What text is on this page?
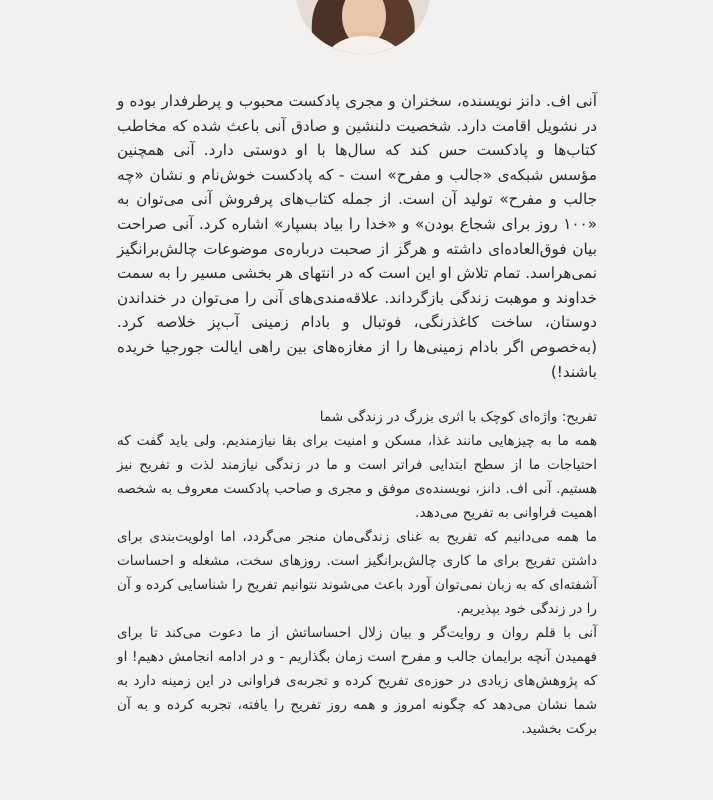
آنی اف. دانز نویسنده، سخنران و مجری پادکست محبوب و پرطرفدار بوده و در نشویل اقامت دارد. شخصیت دلنشین و صادق آنی باعث شده که مخاطب کتاب‌ها و پادکست حس کند که سال‌ها با او دوستی دارد. آنی همچنین مؤسس شبکه‌ی «جالب و مفرح» است - که پادکست خوش‌نام و نشان «چه جالب و مفرح» تولید آن است. از جمله کتاب‌های پرفروش آنی می‌توان به «۱۰۰ روز برای شجاع بودن» و «خدا را بیاد بسپار» اشاره کرد. آنی صراحت بیان فوق‌العاده‌ای داشته و هرگز از صحبت درباره‌ی موضوعات چالش‌برانگیز نمی‌هراسد. تمام تلاش او این است که در انتهای هر بخشی مسیر را به سمت خداوند و موهبت زندگی بازگرداند. علاقه‌مندی‌های آنی را می‌توان در خنداندن دوستان، ساخت کاغذرنگی، فوتبال و بادام زمینی آب‌پز خلاصه کرد. (به‌خصوص اگر بادام زمینی‌ها را از مغازه‌های بین راهی ایالت جورجیا خریده باشند!)

تفریح: واژه‌ای کوچک با اثری بزرگ در زندگی شما

همه ما به چیزهایی مانند غذا، مسکن و امنیت برای بقا نیازمندیم. ولی باید گفت که احتیاجات ما از سطح ابتدایی فراتر است و ما در زندگی نیازمند لذت و تفریح نیز هستیم. آنی اف. دانز، نویسنده‌ی موفق و مجری و صاحب پادکست معروف به شخصه اهمیت فراوانی به تفریح می‌دهد.

ما همه می‌دانیم که تفریح به غنای زندگی‌مان منجر می‌گردد، اما اولویت‌بندی برای داشتن تفریح برای ما کاری چالش‌برانگیز است. روزهای سخت، مشغله و احساسات آشفته‌ای که به زبان نمی‌توان آورد باعث می‌شوند نتوانیم تفریح را شناسایی کرده و آن را در زندگی خود بپذیریم.

آنی با قلم روان و روایت‌گر و بیان زلال احساساتش از ما دعوت می‌کند تا برای فهمیدن آنچه برایمان جالب و مفرح است زمان بگذاریم - و در ادامه انجامش دهیم! او که پژوهش‌های زیادی در حوزه‌ی تفریح کرده و تجربه‌ی فراوانی در این زمینه دارد به شما نشان می‌دهد که چگونه امروز و همه روز تفریح را یافته، تجربه کرده و به آن برکت بخشید.
